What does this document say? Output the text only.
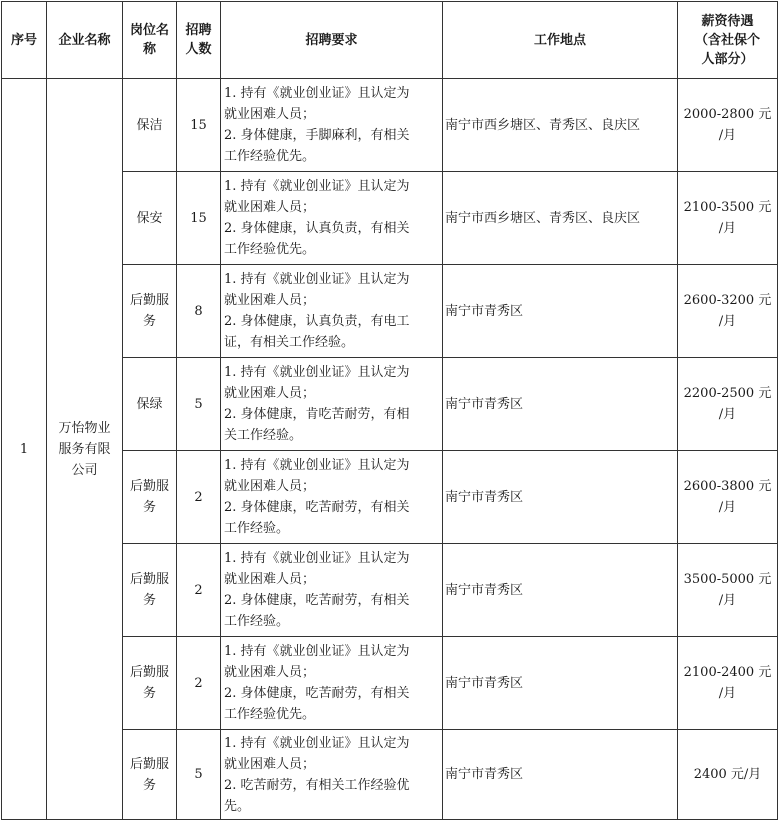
序号	企业名称	岗位名
称	招聘
人数	招聘要求	工作地点	薪资待遇
（含社保个
人部分）
1	万怡物业
服务有限
公司	保洁	15	1. 持有《就业创业证》且认定为
就业困难人员；
2. 身体健康，手脚麻利，有相关
工作经验优先。	南宁市西乡塘区、青秀区、良庆区	2000-2800 元
/月
		保安	15	1. 持有《就业创业证》且认定为
就业困难人员；
2. 身体健康，认真负责，有相关
工作经验优先。	南宁市西乡塘区、青秀区、良庆区	2100-3500 元
/月
		后勤服
务	8	1. 持有《就业创业证》且认定为
就业困难人员；
2. 身体健康，认真负责，有电工
证，有相关工作经验。	南宁市青秀区	2600-3200 元
/月
		保绿	5	1. 持有《就业创业证》且认定为
就业困难人员；
2. 身体健康，肯吃苦耐劳，有相
关工作经验。	南宁市青秀区	2200-2500 元
/月
		后勤服
务	2	1. 持有《就业创业证》且认定为
就业困难人员；
2. 身体健康，吃苦耐劳，有相关
工作经验。	南宁市青秀区	2600-3800 元
/月
		后勤服
务	2	1. 持有《就业创业证》且认定为
就业困难人员；
2. 身体健康，吃苦耐劳，有相关
工作经验。	南宁市青秀区	3500-5000 元
/月
		后勤服
务	2	1. 持有《就业创业证》且认定为
就业困难人员；
2. 身体健康，吃苦耐劳，有相关
工作经验优先。	南宁市青秀区	2100-2400 元
/月
		后勤服
务	5	1. 持有《就业创业证》且认定为
就业困难人员；
2. 吃苦耐劳，有相关工作经验优
先。	南宁市青秀区	2400 元/月
